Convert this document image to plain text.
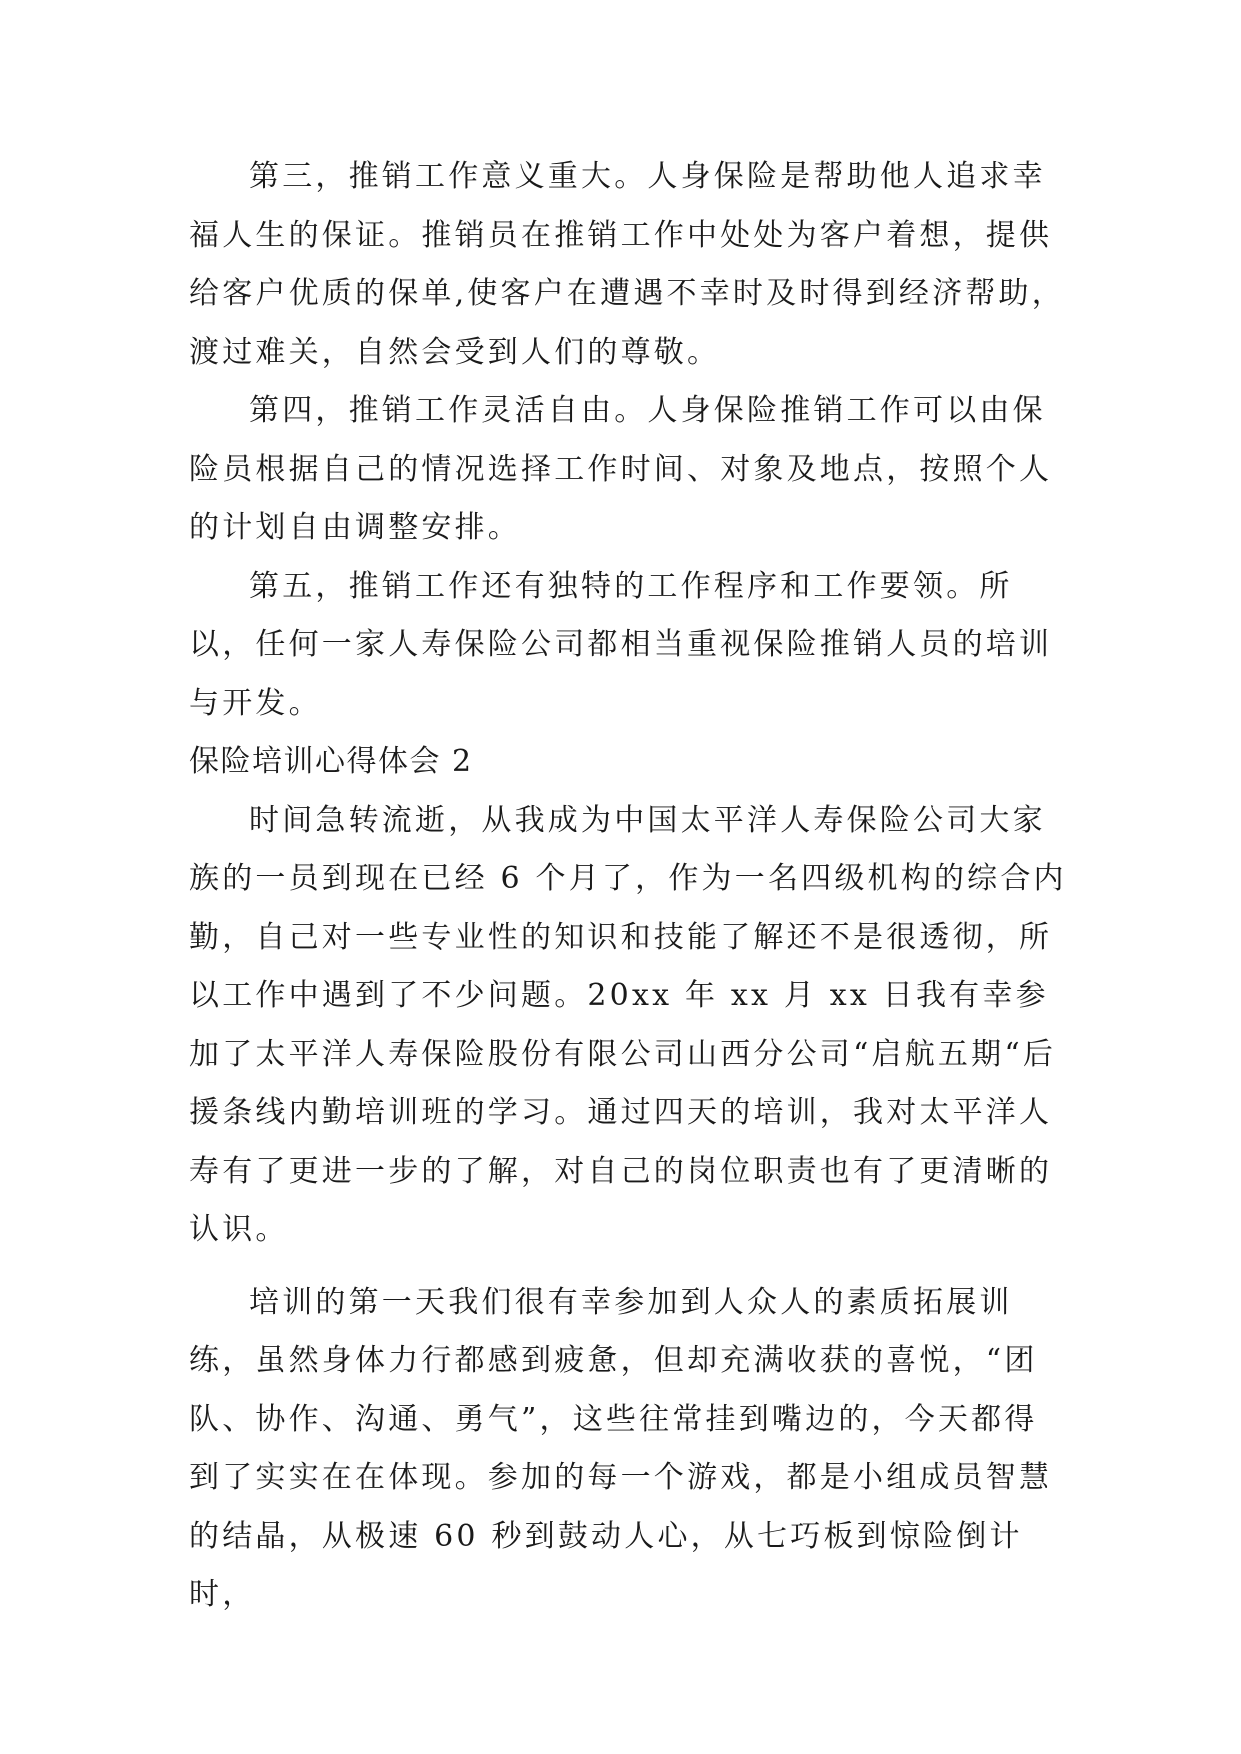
第三，推销工作意义重大。人身保险是帮助他人追求幸福人生的保证。推销员在推销工作中处处为客户着想，提供给客户优质的保单,使客户在遭遇不幸时及时得到经济帮助，渡过难关，自然会受到人们的尊敬。

第四，推销工作灵活自由。人身保险推销工作可以由保险员根据自己的情况选择工作时间、对象及地点，按照个人的计划自由调整安排。

第五，推销工作还有独特的工作程序和工作要领。所以，任何一家人寿保险公司都相当重视保险推销人员的培训与开发。

保险培训心得体会 2

时间急转流逝，从我成为中国太平洋人寿保险公司大家族的一员到现在已经 6 个月了，作为一名四级机构的综合内勤，自己对一些专业性的知识和技能了解还不是很透彻，所以工作中遇到了不少问题。20xx 年 xx 月 xx 日我有幸参加了太平洋人寿保险股份有限公司山西分公司“启航五期“后援条线内勤培训班的学习。通过四天的培训，我对太平洋人寿有了更进一步的了解，对自己的岗位职责也有了更清晰的认识。

培训的第一天我们很有幸参加到人众人的素质拓展训练，虽然身体力行都感到疲惫，但却充满收获的喜悦，“团队、协作、沟通、勇气”，这些往常挂到嘴边的，今天都得到了实实在在体现。参加的每一个游戏，都是小组成员智慧的结晶，从极速 60 秒到鼓动人心，从七巧板到惊险倒计时，
